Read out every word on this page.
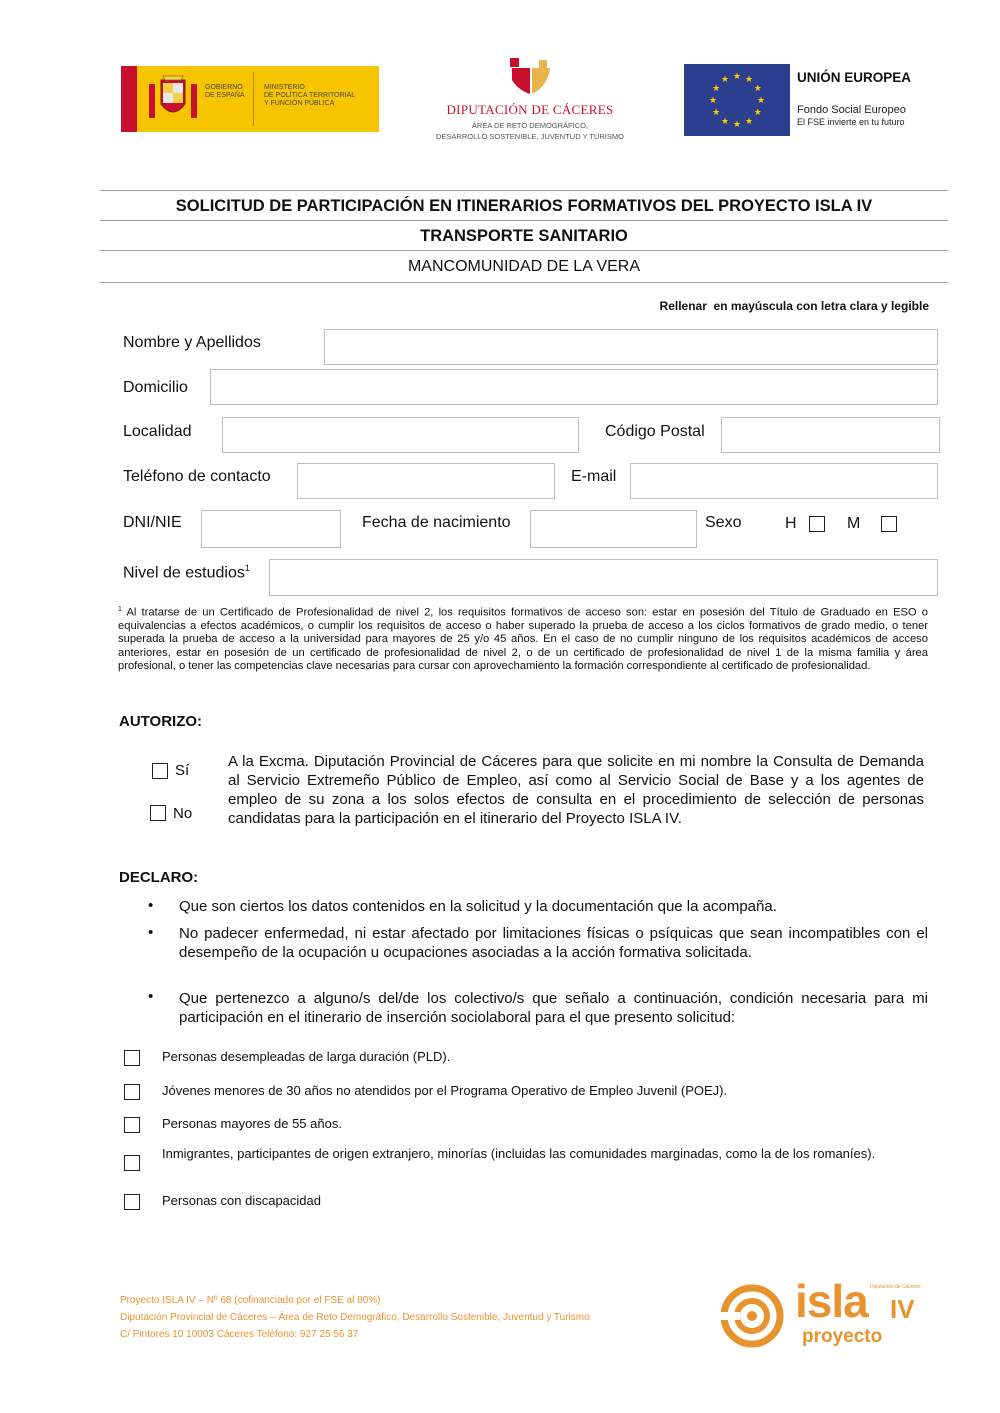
GOBIERNO
DE ESPAÑA
MINISTERIO
DE POLÍTICA TERRITORIAL
Y FUNCIÓN PÚBLICA	DIPUTACIÓN DE CÁCERES
ÁREA DE RETO DEMOGRÁFICO,
DESARROLLO SOSTENIBLE, JUVENTUD Y TURISMO
★ ★
★
★
★
★
★
★
★
★
★
★	UNIÓN EUROPEA
Fondo Social Europeo
El FSE invierte en tu futuro
SOLICITUD DE PARTICIPACIÓN EN ITINERARIOS FORMATIVOS DEL PROYECTO ISLA IV
TRANSPORTE SANITARIO
MANCOMUNIDAD DE LA VERA
Rellenar  en mayúscula con letra clara y legible
Nombre y Apellidos
Domicilio
Localidad	Código Postal
Teléfono de contacto	E-mail
DNI/NIE	Fecha de nacimiento	Sexo	H	M
Nivel de estudios$^1$
$^1$ Al tratarse de un Certificado de Profesionalidad de nivel 2, los requisitos formativos de acceso son: estar en posesión del Título de Graduado en ESO o equivalencias a efectos académicos, o cumplir los requisitos de acceso o haber superado la prueba de acceso a los ciclos formativos de grado medio, o tener superada la prueba de acceso a la universidad para mayores de 25 y/o 45 años. En el caso de no cumplir ninguno de los requisitos académicos de acceso anteriores, estar en posesión de un certificado de profesionalidad de nivel 2, o de un certificado de profesionalidad de nivel 1 de la misma familia y área profesional, o tener las competencias clave necesarias para cursar con aprovechamiento la formación correspondiente al certificado de profesionalidad.
AUTORIZO:
Sí
No
A la Excma. Diputación Provincial de Cáceres para que solicite en mi nombre la Consulta de Demanda al Servicio Extremeño Público de Empleo, así como al Servicio Social de Base y a los agentes de empleo de su zona a los solos efectos de consulta en el procedimiento de selección de personas candidatas para la participación en el itinerario del Proyecto ISLA IV.
DECLARO:
• Que son ciertos los datos contenidos en la solicitud y la documentación que la acompaña.
• No padecer enfermedad, ni estar afectado por limitaciones físicas o psíquicas que sean incompatibles con el desempeño de la ocupación u ocupaciones asociadas a la acción formativa solicitada.
• Que pertenezco a alguno/s del/de los colectivo/s que señalo a continuación, condición necesaria para mi participación en el itinerario de inserción sociolaboral para el que presento solicitud:
Personas desempleadas de larga duración (PLD).
Jóvenes menores de 30 años no atendidos por el Programa Operativo de Empleo Juvenil (POEJ).
Personas mayores de 55 años.
Inmigrantes, participantes de origen extranjero, minorías (incluidas las comunidades marginadas, como la de los romaníes).
Personas con discapacidad
Proyecto ISLA IV – Nº 68 (cofinanciado por el FSE al 80%)
Diputación Provincial de Cáceres – Área de Reto Demográfico, Desarrollo Sostenible, Juventud y Turismo
C/ Pintores 10 10003 Cáceres Teléfono: 927 25 56 37
isla IV
Diputación de Cáceres
proyecto
